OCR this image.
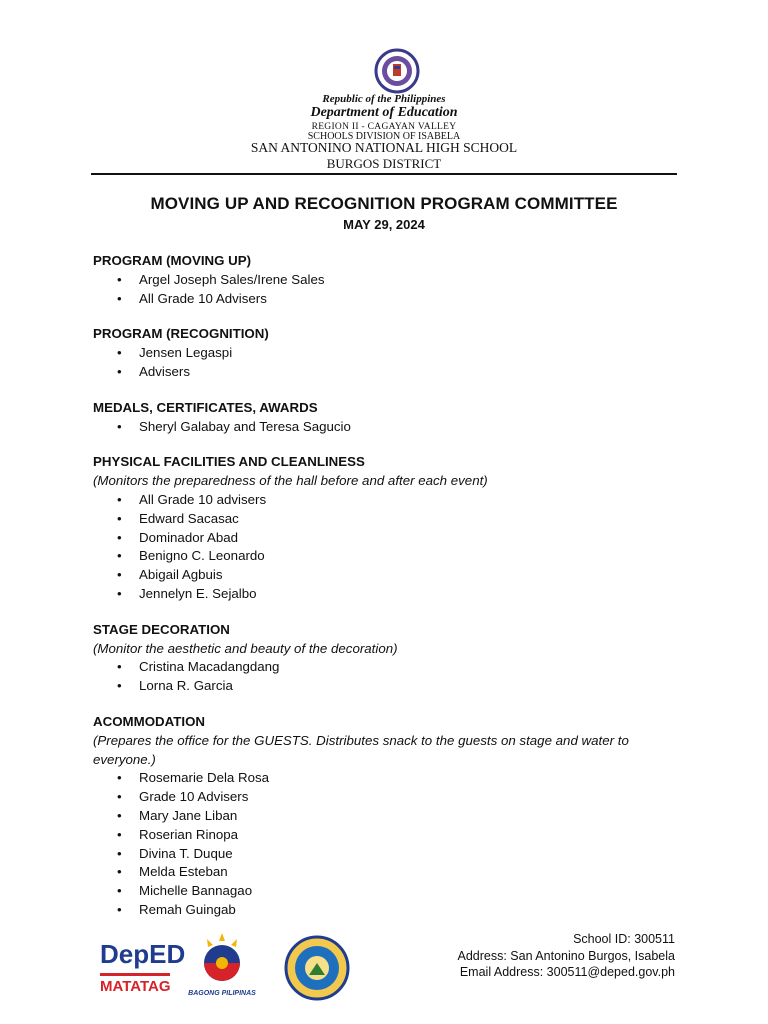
Republic of the Philippines
Department of Education
REGION II - CAGAYAN VALLEY
SCHOOLS DIVISION OF ISABELA
SAN ANTONINO NATIONAL HIGH SCHOOL
BURGOS DISTRICT
MOVING UP AND RECOGNITION PROGRAM COMMITTEE
MAY 29, 2024

PROGRAM (MOVING UP)

• Argel Joseph Sales/Irene Sales
• All Grade 10 Advisers

PROGRAM (RECOGNITION)

• Jensen Legaspi
• Advisers

MEDALS, CERTIFICATES, AWARDS

• Sheryl Galabay and Teresa Sagucio

PHYSICAL FACILITIES AND CLEANLINESS

(Monitors the preparedness of the hall before and after each event)

• All Grade 10 advisers
• Edward Sacasac
• Dominador Abad
• Benigno C. Leonardo
• Abigail Agbuis
• Jennelyn E. Sejalbo

STAGE DECORATION

(Monitor the aesthetic and beauty of the decoration)

• Cristina Macadangdang
• Lorna R. Garcia

ACOMMODATION

(Prepares the office for the GUESTS. Distributes snack to the guests on stage and water to everyone.)

• Rosemarie Dela Rosa
• Grade 10 Advisers
• Mary Jane Liban
• Roserian Rinopa
• Divina T. Duque
• Melda Esteban
• Michelle Bannagao
• Remah Guingab
DepED
MATATAG	BAGONG PILIPINAS
School ID: 300511
Address: San Antonino Burgos, Isabela
Email Address: 300511@deped.gov.ph
